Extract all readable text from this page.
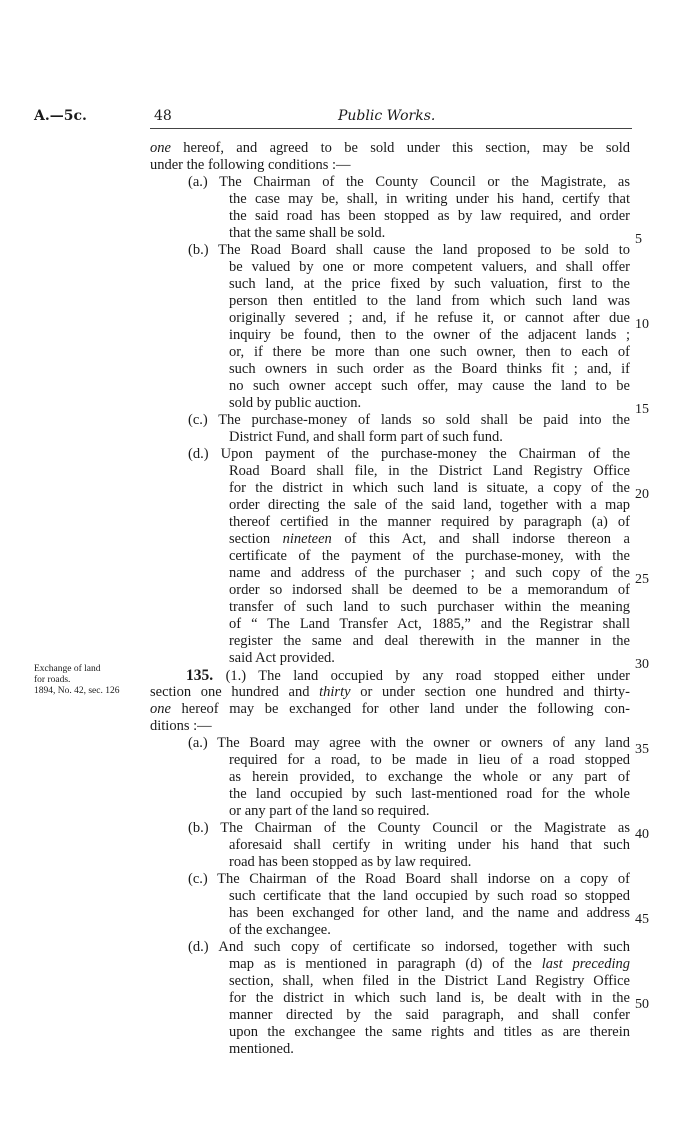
A.—5c.	48	Public Works.
Exchange of land
for roads.
1894, No. 42, sec. 126
one hereof, and agreed to be sold under this section, may be sold
under the following conditions :—
(a.) The Chairman of the County Council or the Magistrate, as
the case may be, shall, in writing under his hand, certify that
the said road has been stopped as by law required, and order
that the same shall be sold.
(b.) The Road Board shall cause the land proposed to be sold to
be valued by one or more competent valuers, and shall offer
such land, at the price fixed by such valuation, first to the
person then entitled to the land from which such land was
originally severed ; and, if he refuse it, or cannot after due
inquiry be found, then to the owner of the adjacent lands ;
or, if there be more than one such owner, then to each of
such owners in such order as the Board thinks fit ; and, if
no such owner accept such offer, may cause the land to be
sold by public auction.
(c.) The purchase-money of lands so sold shall be paid into the
District Fund, and shall form part of such fund.
(d.) Upon payment of the purchase-money the Chairman of the
Road Board shall file, in the District Land Registry Office
for the district in which such land is situate, a copy of the
order directing the sale of the said land, together with a map
thereof certified in the manner required by paragraph (a) of
section nineteen of this Act, and shall indorse thereon a
certificate of the payment of the purchase-money, with the
name and address of the purchaser ; and such copy of the
order so indorsed shall be deemed to be a memorandum of
transfer of such land to such purchaser within the meaning
of “ The Land Transfer Act, 1885,” and the Registrar shall
register the same and deal therewith in the manner in the
said Act provided.
135. (1.) The land occupied by any road stopped either under
section one hundred and thirty or under section one hundred and thirty-
one hereof may be exchanged for other land under the following con-
ditions :—
(a.) The Board may agree with the owner or owners of any land
required for a road, to be made in lieu of a road stopped
as herein provided, to exchange the whole or any part of
the land occupied by such last-mentioned road for the whole
or any part of the land so required.
(b.) The Chairman of the County Council or the Magistrate as
aforesaid shall certify in writing under his hand that such
road has been stopped as by law required.
(c.) The Chairman of the Road Board shall indorse on a copy of
such certificate that the land occupied by such road so stopped
has been exchanged for other land, and the name and address
of the exchangee.
(d.) And such copy of certificate so indorsed, together with such
map as is mentioned in paragraph (d) of the last preceding
section, shall, when filed in the District Land Registry Office
for the district in which such land is, be dealt with in the
manner directed by the said paragraph, and shall confer
upon the exchangee the same rights and titles as are therein
mentioned.
5
10
15
20
25
30
35
40
45
50
